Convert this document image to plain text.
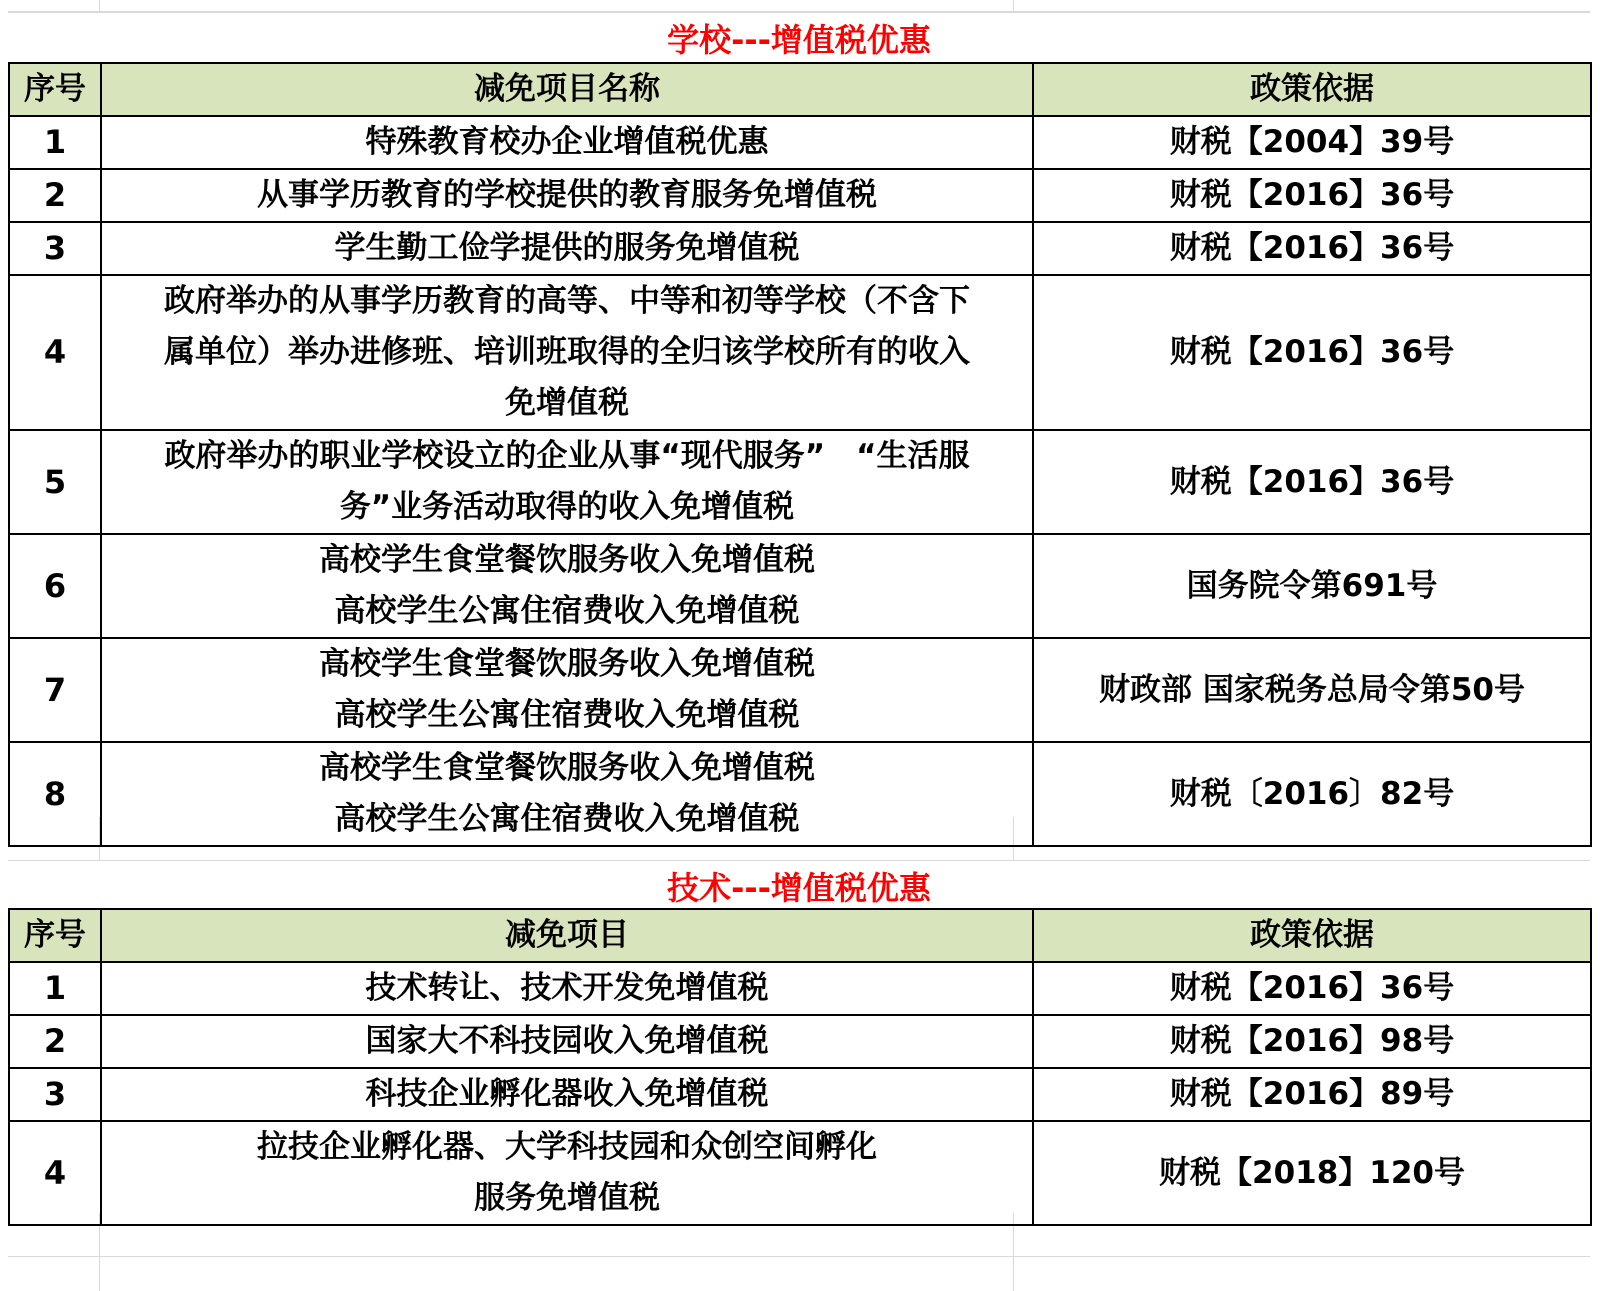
学校---增值税优惠
序号	减免项目名称	政策依据
1	特殊教育校办企业增值税优惠	财税【2004】39号
2	从事学历教育的学校提供的教育服务免增值税	财税【2016】36号
3	学生勤工俭学提供的服务免增值税	财税【2016】36号
4	政府举办的从事学历教育的高等、中等和初等学校（不含下
属单位）举办进修班、培训班取得的全归该学校所有的收入
免增值税	财税【2016】36号
5	政府举办的职业学校设立的企业从事“现代服务”　“生活服
务”业务活动取得的收入免增值税	财税【2016】36号
6	高校学生食堂餐饮服务收入免增值税
高校学生公寓住宿费收入免增值税	国务院令第691号
7	高校学生食堂餐饮服务收入免增值税
高校学生公寓住宿费收入免增值税	财政部 国家税务总局令第50号
8	高校学生食堂餐饮服务收入免增值税
高校学生公寓住宿费收入免增值税	财税〔2016〕82号
技术---增值税优惠
序号	减免项目	政策依据
1	技术转让、技术开发免增值税	财税【2016】36号
2	国家大不科技园收入免增值税	财税【2016】98号
3	科技企业孵化器收入免增值税	财税【2016】89号
4	拉技企业孵化器、大学科技园和众创空间孵化
服务免增值税	财税【2018】120号
